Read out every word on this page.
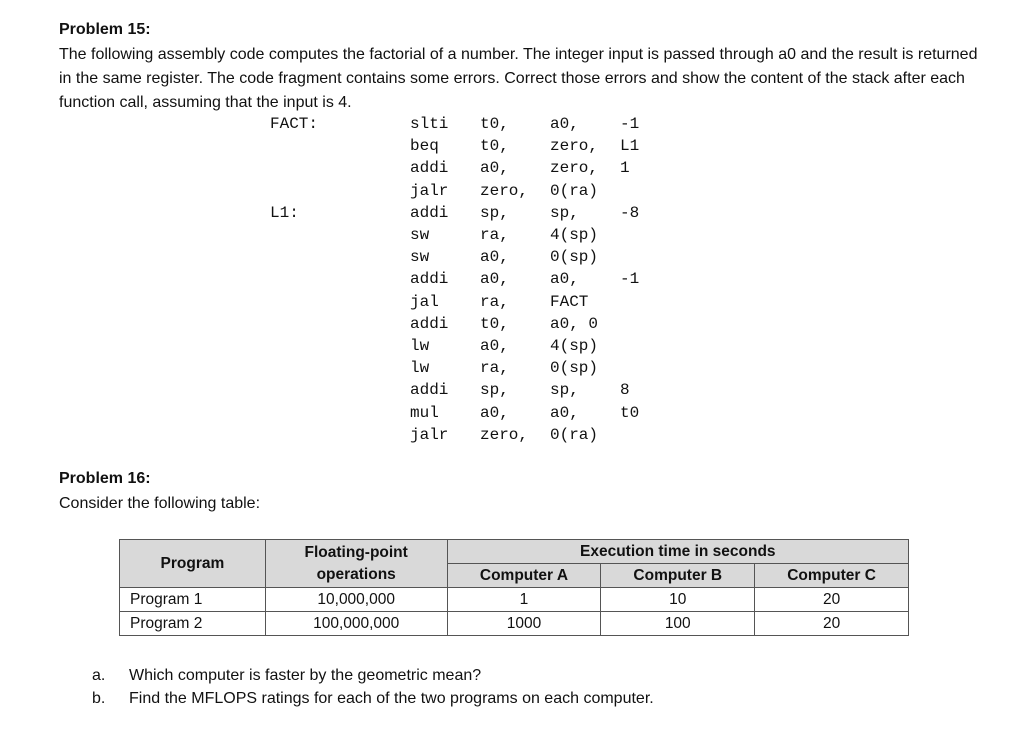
Problem 15:

The following assembly code computes the factorial of a number. The integer input is passed through a0 and the result is returned in the same register. The code fragment contains some errors. Correct those errors and show the content of the stack after each function call, assuming that the input is 4.

FACT:	slti t0,	a0,	-1
beq	t0,	zero, L1
addi a0,	zero, 1
jalr zero, 0(ra)
L1:	addi sp,	sp,	-8
sw	ra,	4(sp)
sw	a0,	0(sp)
addi a0,	a0,	-1
jal	ra,	FACT
addi t0,	a0, 0
lw	a0,	4(sp)
lw	ra,	0(sp)
addi sp,	sp,	8
mul	a0,	a0,	t0
jalr zero, 0(ra)
Problem 16:

Consider the following table:

Program	Floating-point operations	Execution time in seconds		
		Computer A	Computer B	Computer C
Program 1	10,000,000	1	10	20
Program 2	100,000,000	1000	100	20
a. Which computer is faster by the geometric mean?
b. Find the MFLOPS ratings for each of the two programs on each computer.
